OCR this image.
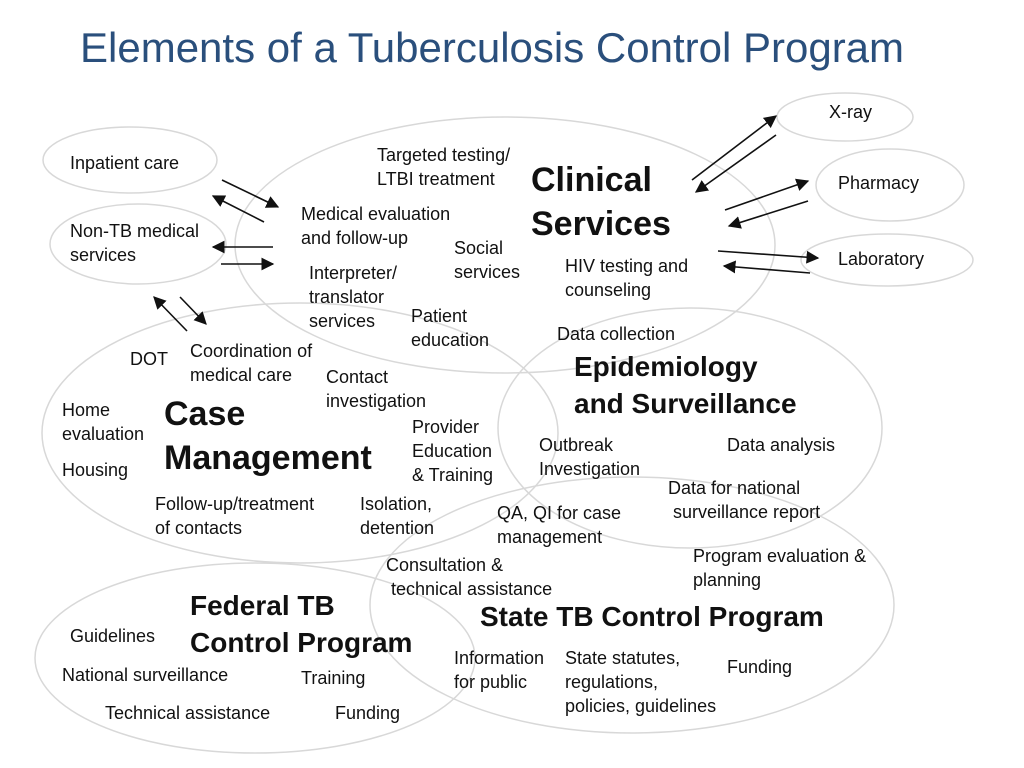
Elements of a Tuberculosis Control Program
Clinical
Services
Epidemiology
and Surveillance
Case
Management
Federal TB
Control Program
State TB Control Program
X-ray
Pharmacy
Laboratory
Inpatient care
Non-TB medical
services
Targeted testing/
LTBI treatment
Medical evaluation
and follow-up	Social
services
Interpreter/
translator
services
HIV testing and
counseling
Patient
education	Data collection
DOT Coordination of
medical care	Contact
investigation
Home
evaluation
Housing
Provider
Education
& Training
Follow-up/treatment
of contacts
Isolation,
detention
Outbreak
Investigation
Data analysis
Data for national
surveillance report
QA, QI for case
management
Consultation &
technical assistance
Program evaluation &
planning
Information
for public
State statutes,
regulations,
policies, guidelines
Funding
Guidelines
National surveillance	Training
Technical assistance	Funding
